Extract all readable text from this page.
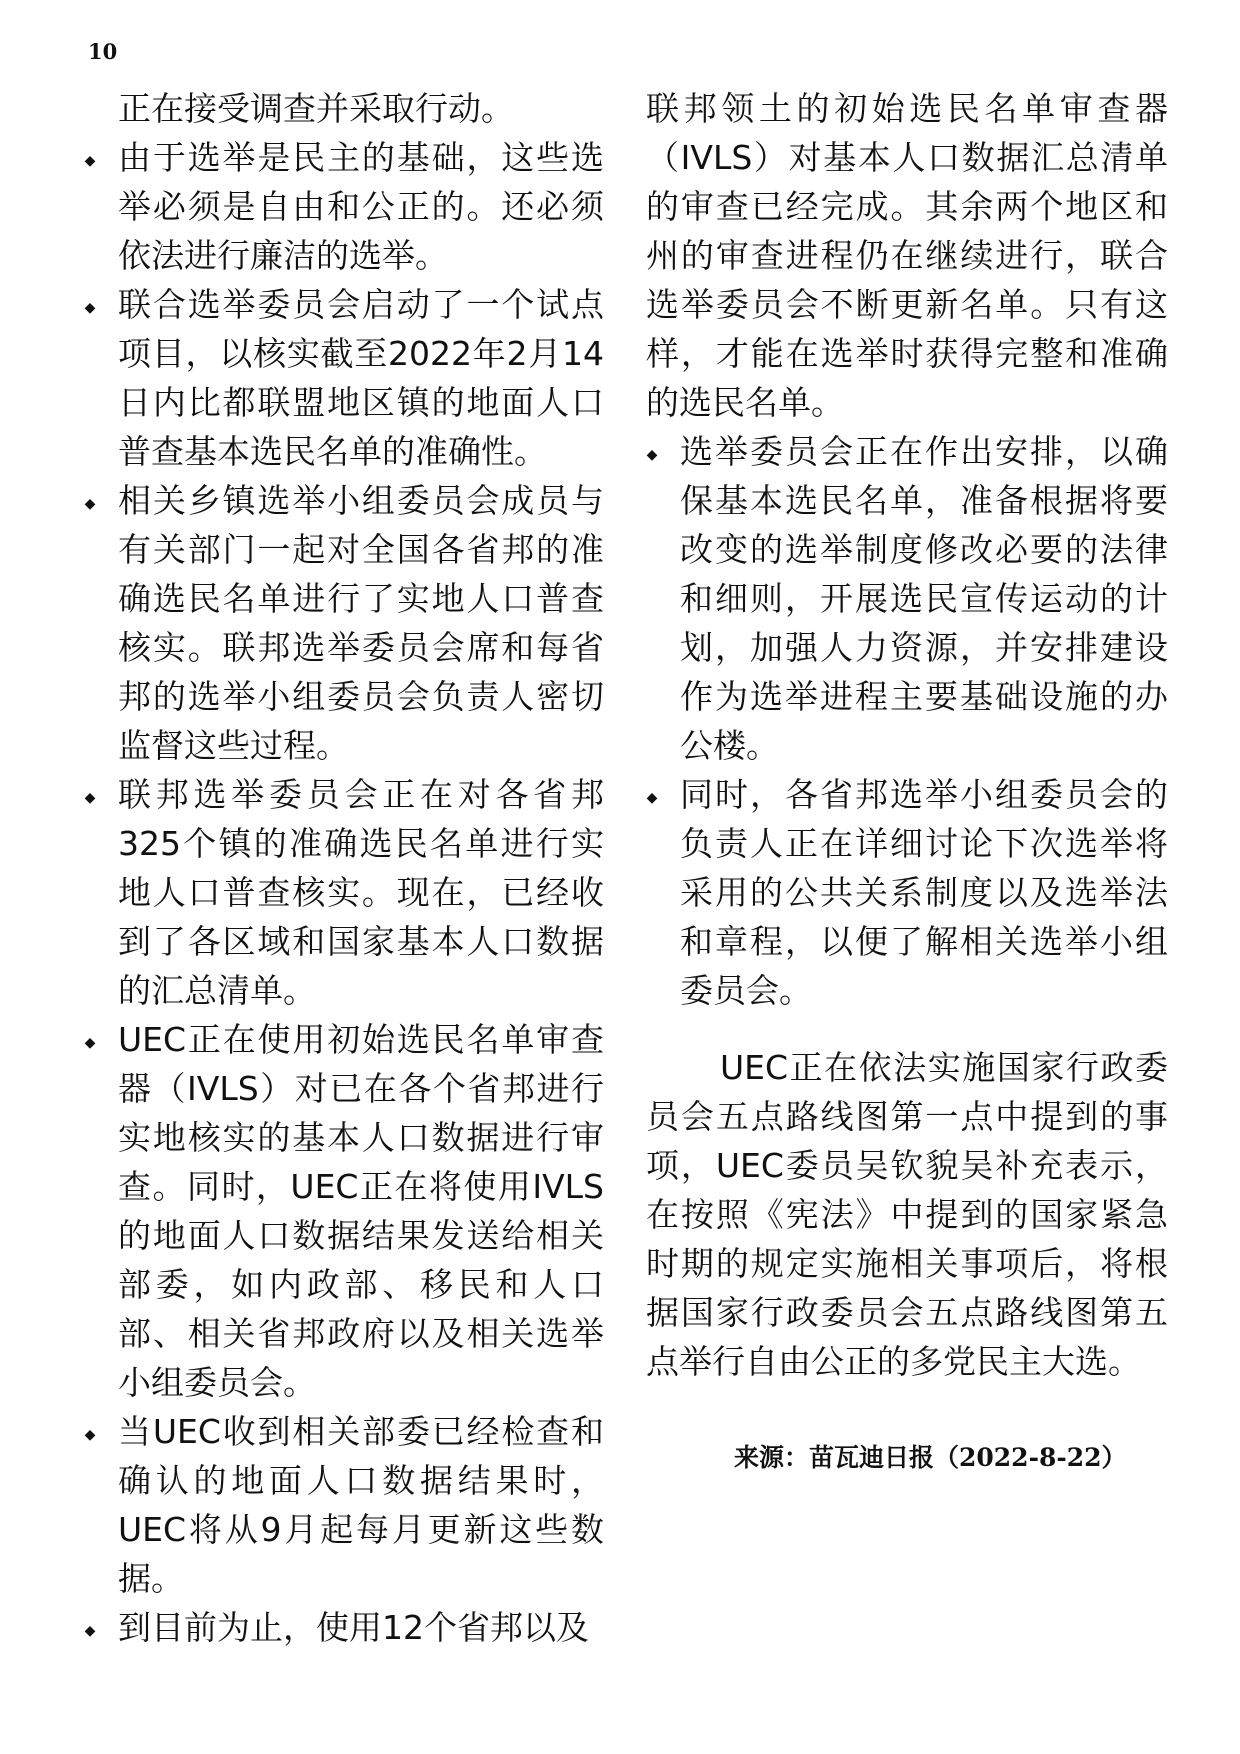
10

正在接受调查并采取行动。

◆ 由于选举是民主的基础，这些选举必须是自由和公正的。还必须依法进行廉洁的选举。
◆ 联合选举委员会启动了一个试点项目，以核实截至2022年2月14日内比都联盟地区镇的地面人口普查基本选民名单的准确性。
◆ 相关乡镇选举小组委员会成员与有关部门一起对全国各省邦的准确选民名单进行了实地人口普查核实。联邦选举委员会席和每省邦的选举小组委员会负责人密切监督这些过程。
◆ 联邦选举委员会正在对各省邦325个镇的准确选民名单进行实地人口普查核实。现在，已经收到了各区域和国家基本人口数据的汇总清单。
◆ UEC正在使用初始选民名单审查器（IVLS）对已在各个省邦进行实地核实的基本人口数据进行审查。同时，UEC正在将使用IVLS的地面人口数据结果发送给相关部委，如内政部、移民和人口部、相关省邦政府以及相关选举小组委员会。
◆ 当UEC收到相关部委已经检查和确认的地面人口数据结果时，UEC将从9月起每月更新这些数据。
◆ 到目前为止，使用12个省邦以及

联邦领土的初始选民名单审查器（IVLS）对基本人口数据汇总清单的审查已经完成。其余两个地区和州的审查进程仍在继续进行，联合选举委员会不断更新名单。只有这样，才能在选举时获得完整和准确的选民名单。

◆ 选举委员会正在作出安排，以确保基本选民名单，准备根据将要改变的选举制度修改必要的法律和细则，开展选民宣传运动的计划，加强人力资源，并安排建设作为选举进程主要基础设施的办公楼。
◆ 同时，各省邦选举小组委员会的负责人正在详细讨论下次选举将采用的公共关系制度以及选举法和章程，以便了解相关选举小组委员会。

UEC正在依法实施国家行政委员会五点路线图第一点中提到的事项，UEC委员吴钦貌吴补充表示，在按照《宪法》中提到的国家紧急时期的规定实施相关事项后，将根据国家行政委员会五点路线图第五点举行自由公正的多党民主大选。

来源：苗瓦迪日报（2022-8-22）
